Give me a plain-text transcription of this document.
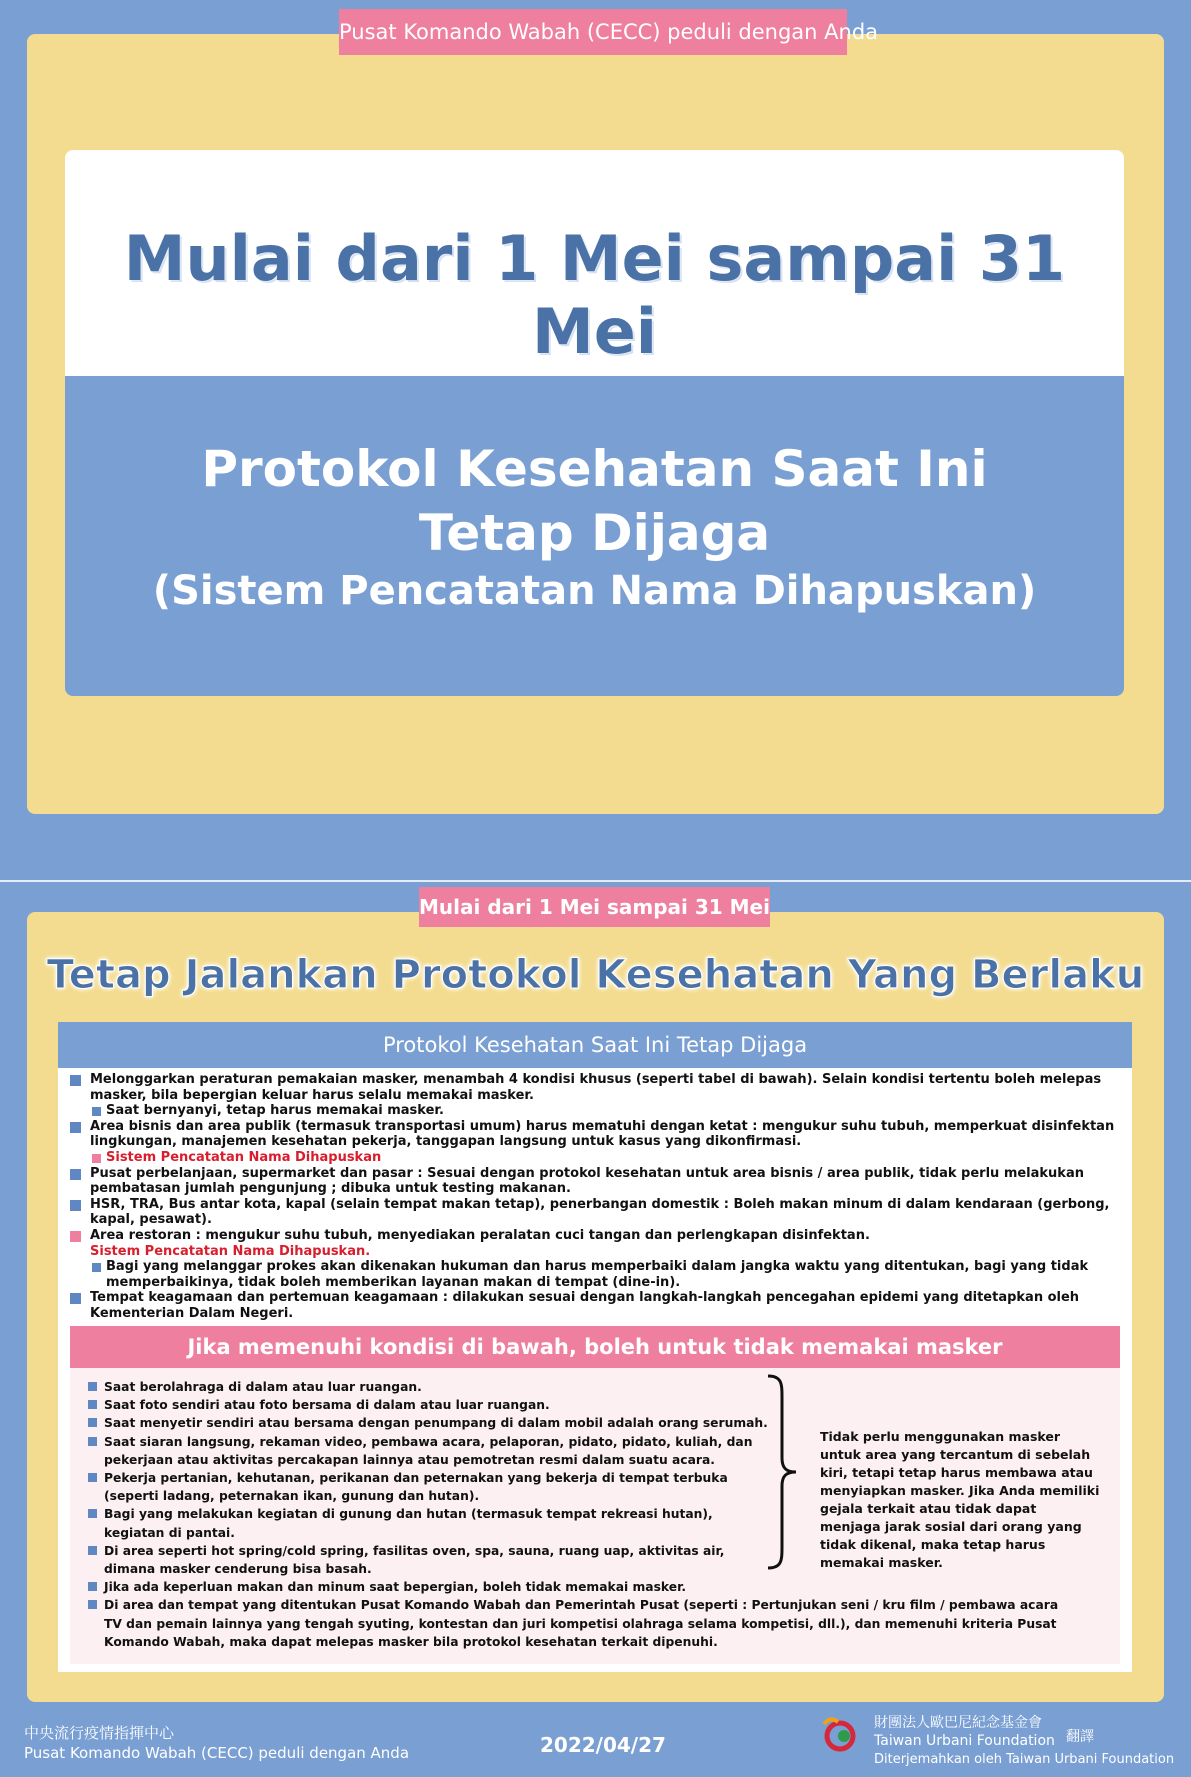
Mulai dari 1 Mei sampai 31 Mei
Protokol Kesehatan Saat Ini
Tetap Dijaga
(Sistem Pencatatan Nama Dihapuskan)
Pusat Komando Wabah (CECC) peduli dengan Anda
Mulai dari 1 Mei sampai 31 Mei
Tetap Jalankan Protokol Kesehatan Yang Berlaku
Protokol Kesehatan Saat Ini Tetap Dijaga
Melonggarkan peraturan pemakaian masker, menambah 4 kondisi khusus (seperti tabel di bawah). Selain kondisi tertentu boleh melepas masker, bila bepergian keluar harus selalu memakai masker.
Saat bernyanyi, tetap harus memakai masker.
Area bisnis dan area publik (termasuk transportasi umum) harus mematuhi dengan ketat : mengukur suhu tubuh, memperkuat disinfektan lingkungan, manajemen kesehatan pekerja, tanggapan langsung untuk kasus yang dikonfirmasi.
Sistem Pencatatan Nama Dihapuskan
Pusat perbelanjaan, supermarket dan pasar : Sesuai dengan protokol kesehatan untuk area bisnis / area publik, tidak perlu melakukan pembatasan jumlah pengunjung ; dibuka untuk testing makanan.
HSR, TRA, Bus antar kota, kapal (selain tempat makan tetap), penerbangan domestik : Boleh makan minum di dalam kendaraan (gerbong, kapal, pesawat).
Area restoran : mengukur suhu tubuh, menyediakan peralatan cuci tangan dan perlengkapan disinfektan.
Sistem Pencatatan Nama Dihapuskan.
Bagi yang melanggar prokes akan dikenakan hukuman dan harus memperbaiki dalam jangka waktu yang ditentukan, bagi yang tidak memperbaikinya, tidak boleh memberikan layanan makan di tempat (dine-in).
Tempat keagamaan dan pertemuan keagamaan : dilakukan sesuai dengan langkah-langkah pencegahan epidemi yang ditetapkan oleh Kementerian Dalam Negeri.
Jika memenuhi kondisi di bawah, boleh untuk tidak memakai masker
Saat berolahraga di dalam atau luar ruangan.
Saat foto sendiri atau foto bersama di dalam atau luar ruangan.
Saat menyetir sendiri atau bersama dengan penumpang di dalam mobil adalah orang serumah.
Saat siaran langsung, rekaman video, pembawa acara, pelaporan, pidato, pidato, kuliah, dan pekerjaan atau aktivitas percakapan lainnya atau pemotretan resmi dalam suatu acara.
Pekerja pertanian, kehutanan, perikanan dan peternakan yang bekerja di tempat terbuka (seperti ladang, peternakan ikan, gunung dan hutan).
Bagi yang melakukan kegiatan di gunung dan hutan (termasuk tempat rekreasi hutan), kegiatan di pantai.
Di area seperti hot spring/cold spring, fasilitas oven, spa, sauna, ruang uap, aktivitas air, dimana masker cenderung bisa basah.
Jika ada keperluan makan dan minum saat bepergian, boleh tidak memakai masker.
Di area dan tempat yang ditentukan Pusat Komando Wabah dan Pemerintah Pusat (seperti : Pertunjukan seni / kru film / pembawa acara TV dan pemain lainnya yang tengah syuting, kontestan dan juri kompetisi olahraga selama kompetisi, dll.), dan memenuhi kriteria Pusat Komando Wabah, maka dapat melepas masker bila protokol kesehatan terkait dipenuhi.
Tidak perlu menggunakan masker untuk area yang tercantum di sebelah kiri, tetapi tetap harus membawa atau menyiapkan masker. Jika Anda memiliki gejala terkait atau tidak dapat menjaga jarak sosial dari orang yang tidak dikenal, maka tetap harus memakai masker.
中央流行疫情指揮中心
Pusat Komando Wabah (CECC) peduli dengan Anda	2022/04/27
財團法人歐巴尼紀念基金會
Taiwan Urbani Foundation 翻譯
Diterjemahkan oleh Taiwan Urbani Foundation
